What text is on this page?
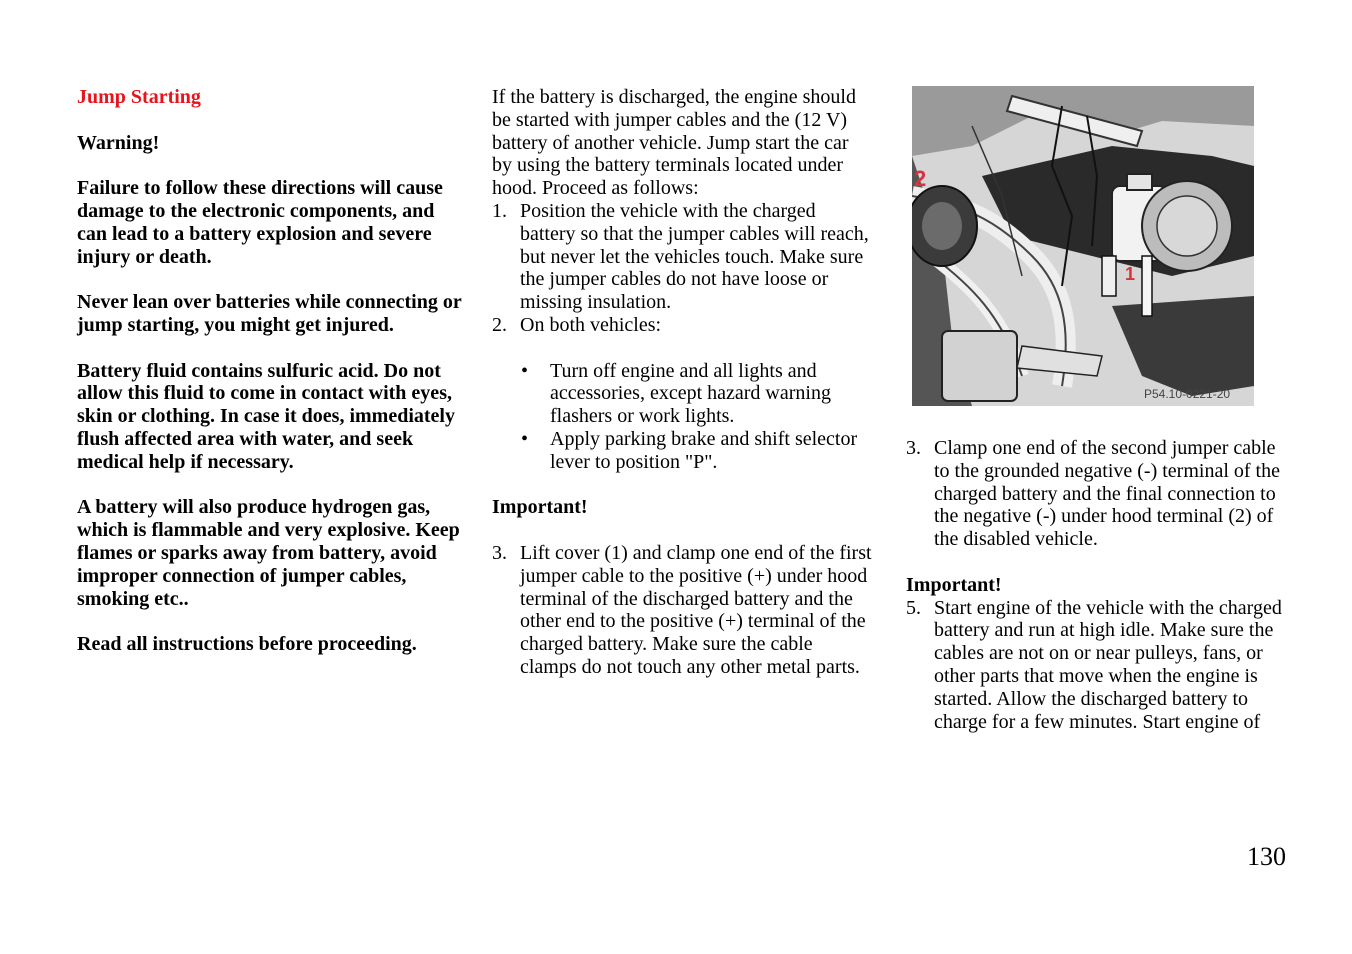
Jump Starting
Warning!
Failure to follow these directions will cause damage to the electronic components, and can lead to a battery explosion and severe injury or death.
Never lean over batteries while connecting or jump starting, you might get injured.
Battery fluid contains sulfuric acid. Do not allow this fluid to come in contact with eyes, skin or clothing. In case it does, immediately flush affected area with water, and seek medical help if necessary.
A battery will also produce hydrogen gas, which is flammable and very explosive. Keep flames or sparks away from battery, avoid improper connection of jumper cables, smoking etc..
Read all instructions before proceeding.
If the battery is discharged, the engine should be started with jumper cables and the (12 V) battery of another vehicle. Jump start the car by using the battery terminals located under hood. Proceed as follows:
1. Position the vehicle with the charged battery so that the jumper cables will reach, but never let the vehicles touch. Make sure the jumper cables do not have loose or missing insulation.
2. On both vehicles:
• Turn off engine and all lights and accessories, except hazard warning flashers or work lights.
• Apply parking brake and shift selector lever to position "P".
Important!
3. Lift cover (1) and clamp one end of the first jumper cable to the positive (+) under hood terminal of the discharged battery and the other end to the positive (+) terminal of the charged battery. Make sure the cable clamps do not touch any other metal parts.
2
1
P54.10-0221-20
3. Clamp one end of the second jumper cable to the grounded negative (-) terminal of the charged battery and the final connection to the negative (-) under hood terminal (2) of the disabled vehicle.
Important!
5. Start engine of the vehicle with the charged battery and run at high idle. Make sure the cables are not on or near pulleys, fans, or other parts that move when the engine is started. Allow the discharged battery to charge for a few minutes. Start engine of
130
